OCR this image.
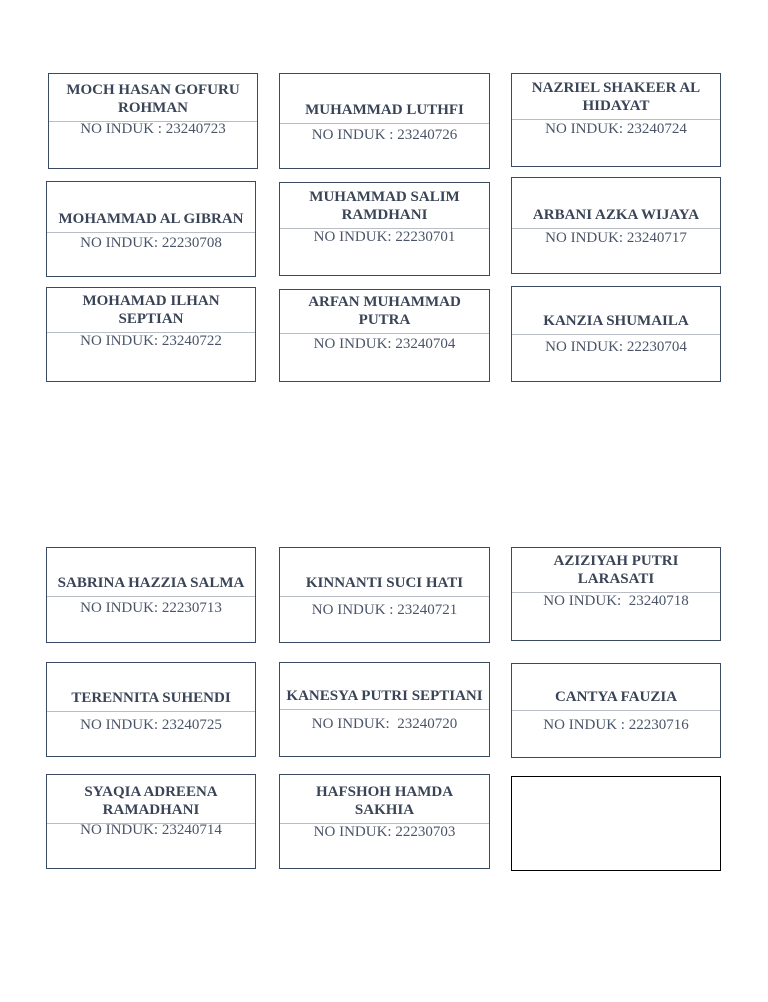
MOCH HASAN GOFURU ROHMAN
NO INDUK : 23240723
MUHAMMAD LUTHFI
NO INDUK : 23240726
NAZRIEL SHAKEER AL HIDAYAT
NO INDUK: 23240724
MOHAMMAD AL GIBRAN
NO INDUK: 22230708
MUHAMMAD SALIM RAMDHANI
NO INDUK: 22230701
ARBANI AZKA WIJAYA
NO INDUK: 23240717
MOHAMAD ILHAN SEPTIAN
NO INDUK: 23240722
ARFAN MUHAMMAD PUTRA
NO INDUK: 23240704
KANZIA SHUMAILA
NO INDUK: 22230704
SABRINA HAZZIA SALMA
NO INDUK: 22230713
KINNANTI SUCI HATI
NO INDUK : 23240721
AZIZIYAH PUTRI LARASATI
NO INDUK:  23240718
TERENNITA SUHENDI
NO INDUK: 23240725
KANESYA PUTRI SEPTIANI
NO INDUK:  23240720
CANTYA FAUZIA
NO INDUK : 22230716
SYAQIA ADREENA RAMADHANI
NO INDUK: 23240714
HAFSHOH HAMDA SAKHIA
NO INDUK: 22230703
